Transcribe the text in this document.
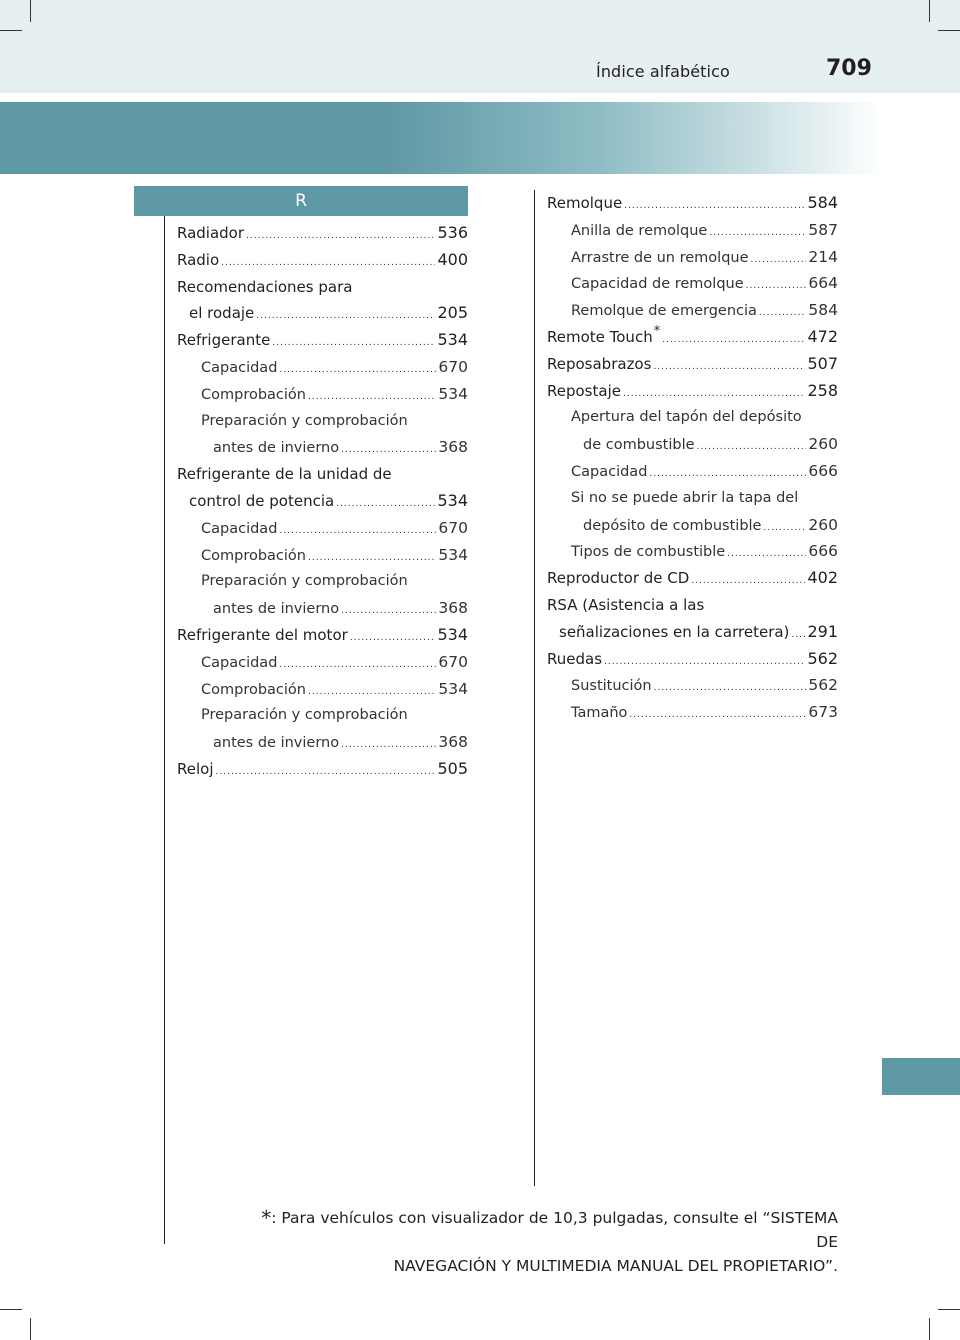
Índice alfabético	709
R
Radiador .....	536
Radio .....	400
Recomendaciones para
el rodaje .....	205
Refrigerante .....	534
Capacidad .....	670
Comprobación .....	534
Preparación y comprobación
antes de invierno .....	368
Refrigerante de la unidad de
control de potencia .....	534
Capacidad .....	670
Comprobación .....	534
Preparación y comprobación
antes de invierno .....	368
Refrigerante del motor .....	534
Capacidad .....	670
Comprobación .....	534
Preparación y comprobación
antes de invierno .....	368
Reloj .....	505
Remolque .....	584
Anilla de remolque .....	587
Arrastre de un remolque .....	214
Capacidad de remolque .....	664
Remolque de emergencia .....	584
Remote Touch * .....	472
Reposabrazos .....	507
Repostaje .....	258
Apertura del tapón del depósito
de combustible .....	260
Capacidad .....	666
Si no se puede abrir la tapa del
depósito de combustible .....	260
Tipos de combustible .....	666
Reproductor de CD .....	402
RSA (Asistencia a las
señalizaciones en la carretera) ..... 291
Ruedas .....	562
Sustitución .....	562
Tamaño .....	673
*: Para vehículos con visualizador de 10,3 pulgadas, consulte el “SISTEMA DE
NAVEGACIÓN Y MULTIMEDIA MANUAL DEL PROPIETARIO”.
